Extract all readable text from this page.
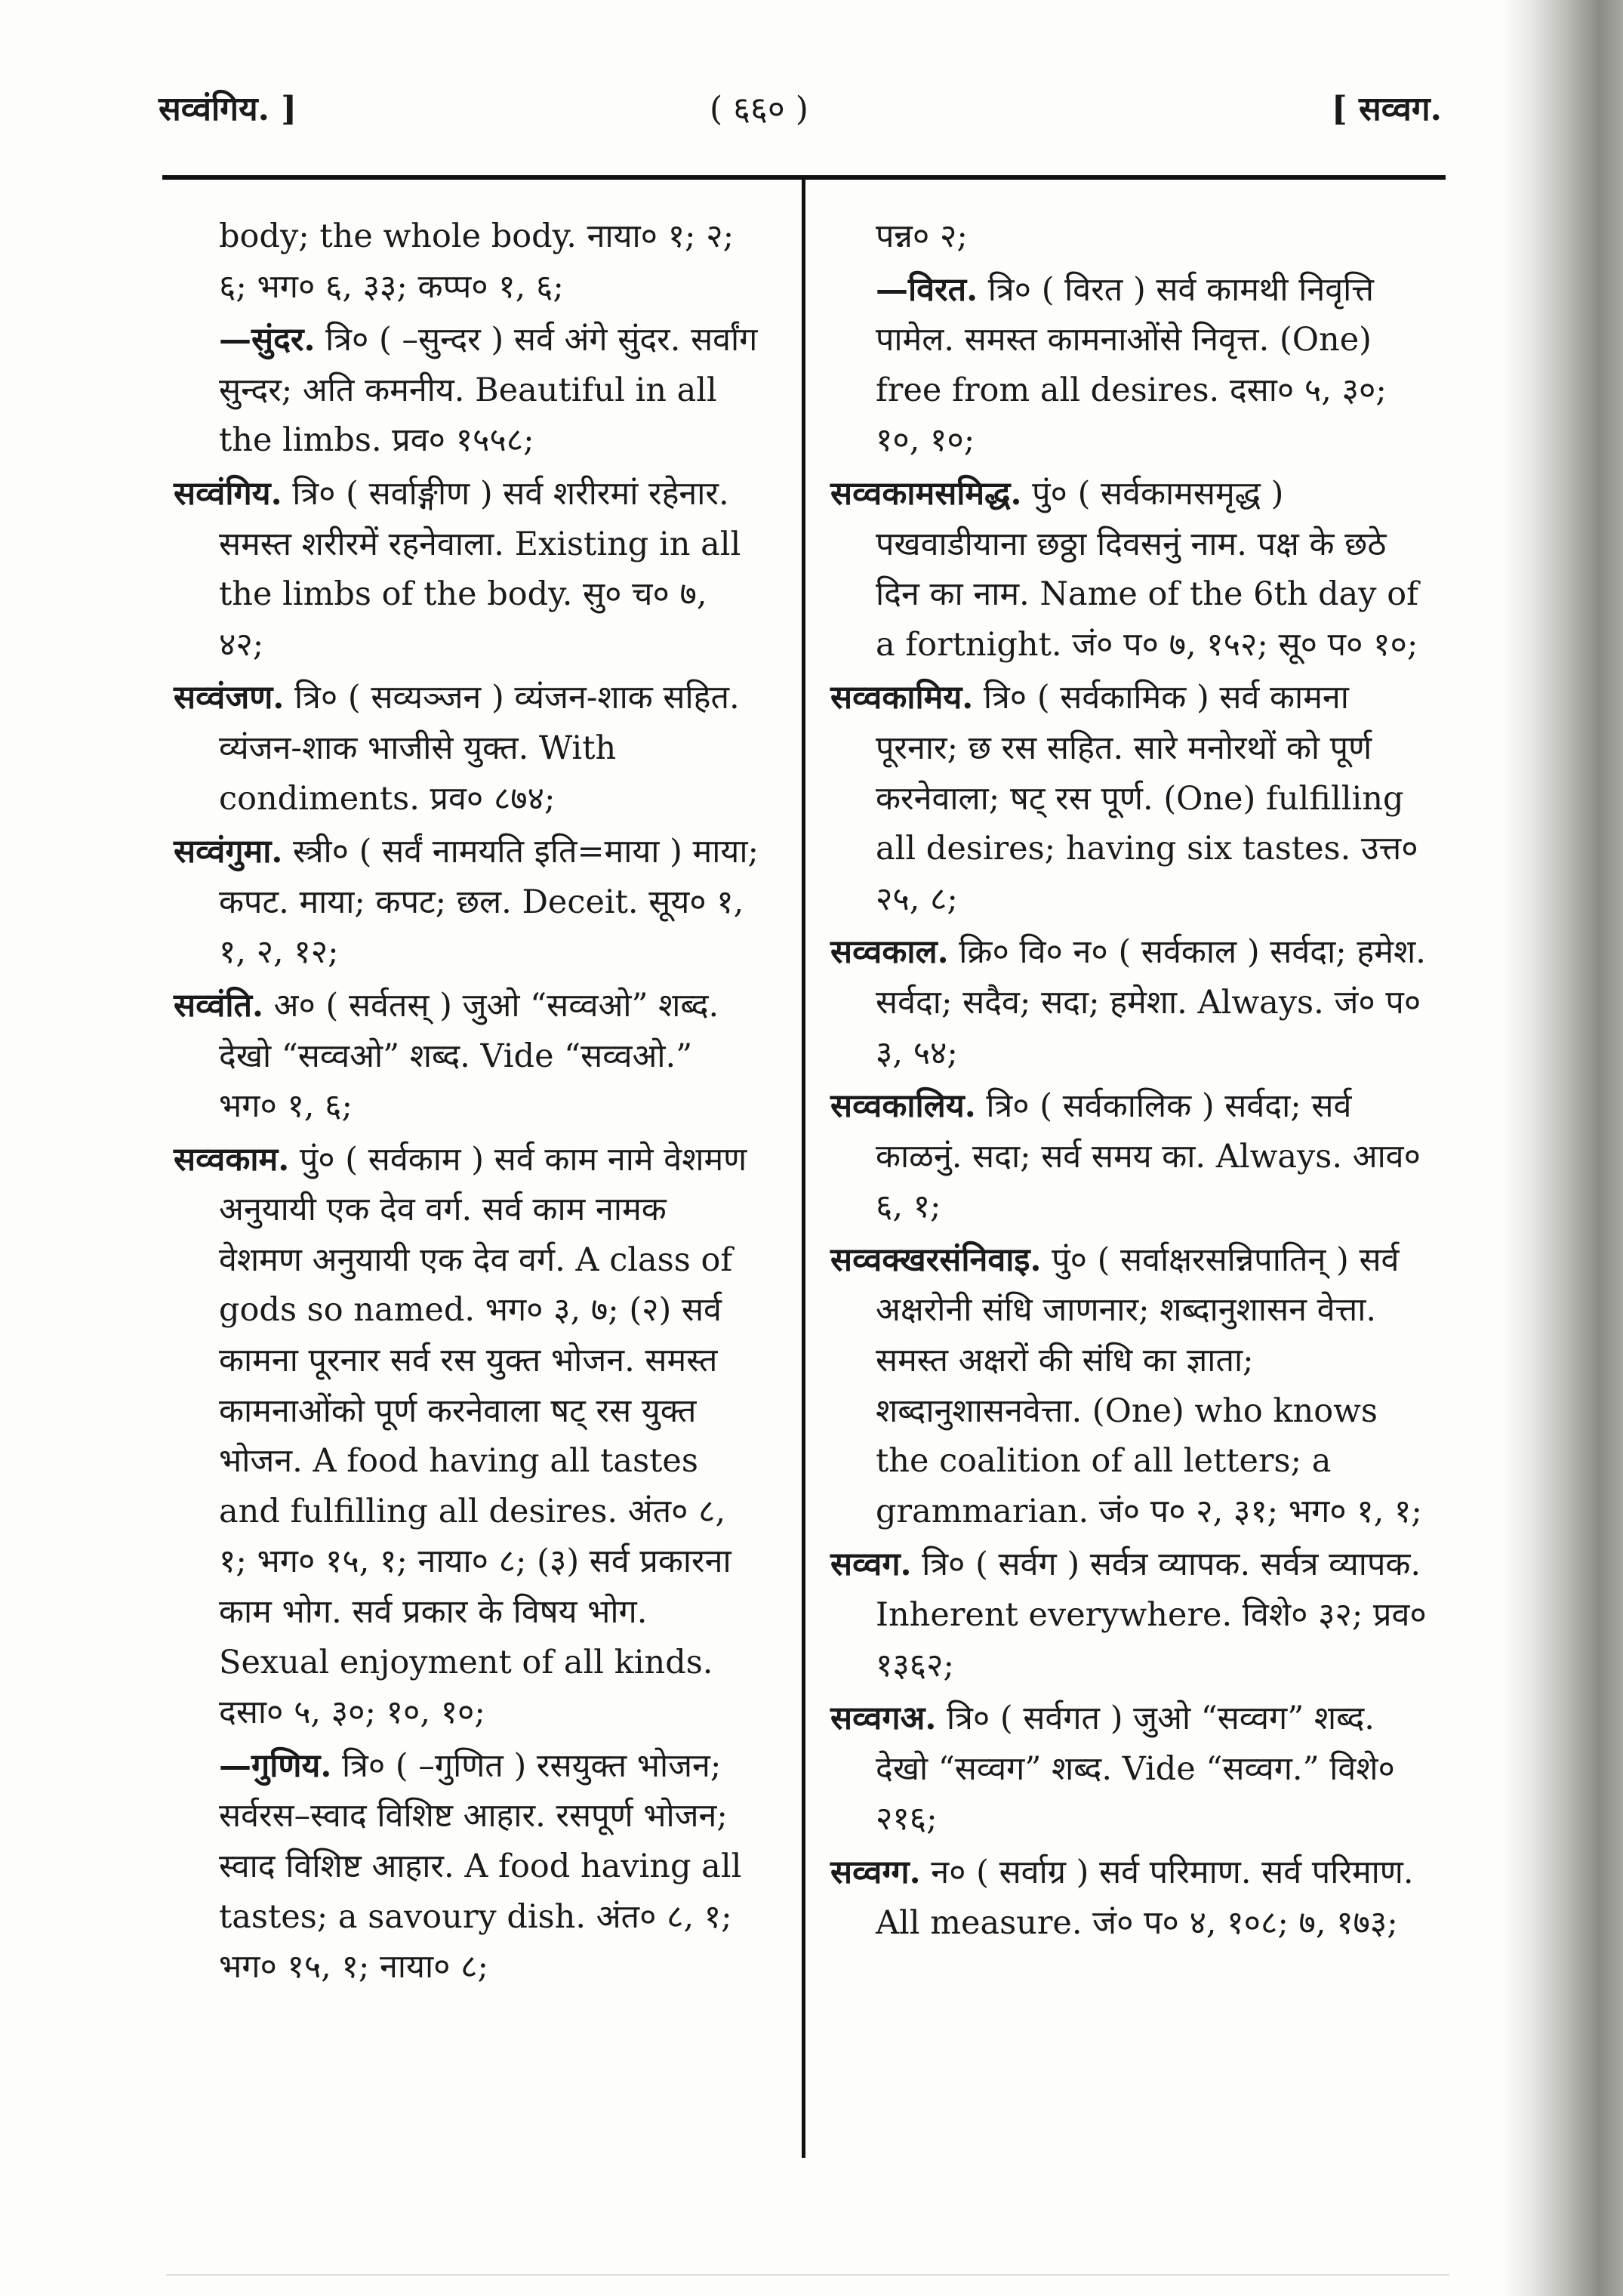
सव्वंगिय. ]	( ६६० )	[ सव्वग.

body; the whole body. नाया० १; २; ६; भग० ६, ३३; कप्प० १, ६;

—सुंदर. त्रि० ( –सुन्दर ) सर्व अंगे सुंदर. सर्वांग सुन्दर; अति कमनीय. Beautiful in all the limbs. प्रव० १५५८;

सव्वंगिय. त्रि० ( सर्वाङ्गीण ) सर्व शरीरमां रहेनार. समस्त शरीरमें रहनेवाला. Existing in all the limbs of the body. सु० च० ७, ४२;

सव्वंजण. त्रि० ( सव्यञ्जन ) व्यंजन-शाक सहित. व्यंजन-शाक भाजीसे युक्त. With condiments. प्रव० ८७४;

सव्वंगुमा. स्त्री० ( सर्वं नामयति इति=माया ) माया; कपट. माया; कपट; छल. Deceit. सूय० १, १, २, १२;

सव्वंति. अ० ( सर्वतस् ) जुओ “सव्वओ” शब्द. देखो “सव्वओ” शब्द. Vide “सव्वओ.” भग० १, ६;

सव्वकाम. पुं० ( सर्वकाम ) सर्व काम नामे वेशमण अनुयायी एक देव वर्ग. सर्व काम नामक वेशमण अनुयायी एक देव वर्ग. A class of gods so named. भग० ३, ७; (२) सर्व कामना पूरनार सर्व रस युक्त भोजन. समस्त कामनाओंको पूर्ण करनेवाला षट् रस युक्त भोजन. A food having all tastes and fulfilling all desires. अंत० ८, १; भग० १५, १; नाया० ८; (३) सर्व प्रकारना काम भोग. सर्व प्रकार के विषय भोग. Sexual enjoyment of all kinds. दसा० ५, ३०; १०, १०;

—गुणिय. त्रि० ( –गुणित ) रसयुक्त भोजन; सर्वरस–स्वाद विशिष्ट आहार. रसपूर्ण भोजन; स्वाद विशिष्ट आहार. A food having all tastes; a savoury dish. अंत० ८, १; भग० १५, १; नाया० ८;

पन्न० २;

—विरत. त्रि० ( विरत ) सर्व कामथी निवृत्ति पामेल. समस्त कामनाओंसे निवृत्त. (One) free from all desires. दसा० ५, ३०; १०, १०;

सव्वकामसमिद्ध. पुं० ( सर्वकामसमृद्ध ) पखवाडीयाना छठ्ठा दिवसनुं नाम. पक्ष के छठे दिन का नाम. Name of the 6th day of a fortnight. जं० प० ७, १५२; सू० प० १०;

सव्वकामिय. त्रि० ( सर्वकामिक ) सर्व कामना पूरनार; छ रस सहित. सारे मनोरथों को पूर्ण करनेवाला; षट् रस पूर्ण. (One) fulfilling all desires; having six tastes. उत्त० २५, ८;

सव्वकाल. क्रि० वि० न० ( सर्वकाल ) सर्वदा; हमेश. सर्वदा; सदैव; सदा; हमेशा. Always. जं० प० ३, ५४;

सव्वकालिय. त्रि० ( सर्वकालिक ) सर्वदा; सर्व काळनुं. सदा; सर्व समय का. Always. आव० ६, १;

सव्वक्खरसंनिवाइ. पुं० ( सर्वाक्षरसन्निपातिन् ) सर्व अक्षरोनी संधि जाणनार; शब्दानुशासन वेत्ता. समस्त अक्षरों की संधि का ज्ञाता; शब्दानुशासनवेत्ता. (One) who knows the coalition of all letters; a grammarian. जं० प० २, ३१; भग० १, १;

सव्वग. त्रि० ( सर्वग ) सर्वत्र व्यापक. सर्वत्र व्यापक. Inherent everywhere. विशे० ३२; प्रव० १३६२;

सव्वगअ. त्रि० ( सर्वगत ) जुओ “सव्वग” शब्द. देखो “सव्वग” शब्द. Vide “सव्वग.” विशे० २१६;

सव्वग्ग. न० ( सर्वाग्र ) सर्व परिमाण. सर्व परिमाण. All measure. जं० प० ४, १०८; ७, १७३;
